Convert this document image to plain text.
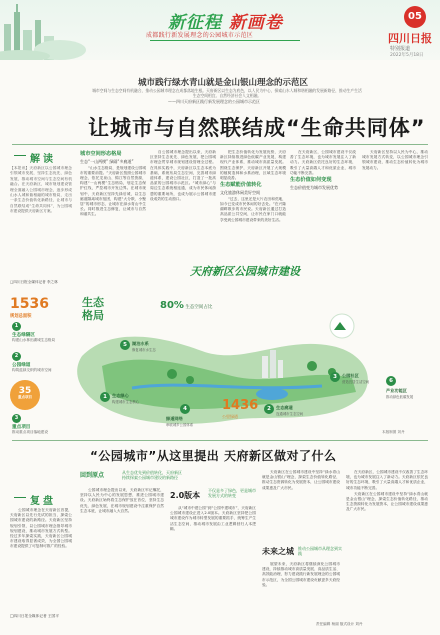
新征程 新画卷
成都践行新发展理念的公园城市示范区
05
四川日报
特别报道
2022年5月18日
城市践行绿水青山就是金山银山理念的示范区
城市空间与生态空间有机融合，推动公园城市理念在成都落地生根。天府新区以生态为底色，以人民为中心，探索山水人城和谐相融的发展新路径，推动生产生活生态空间相宜、自然经济社会人文相融。
——四川天府新区践行新发展理念的公园城市示范区
让城市与自然联结成“生命共同体”
解读
【本报讯】天府新区以公园城市理念引领城市发展，坚持生态优先、绿色发展，推动城市空间与生态空间有机融合。在天府新区，城市规划建设管理全面融入公园城市理念，逐步形成山水人城和谐相融的城市格局，走出一条生态价值转化新路径，让城市与自然联结成“生命共同体”，为公园城市建设提供天府新区方案。
□四川日报全媒体记者 李之林
1536
规划总面积
1
生态绿隔区
构建山水林田湖城生态格局
2
公园绿道
构筑蓝绿交织的城市空间
35
重点项目
3
重点项目
推动重点项目落地建设
城市空间形态格局
生态“一山两楔” 绿隔“多廊道”

“山水生态格局，是规划建设公园城市的重要前提。”天府新区按照公园城市理念，依托龙泉山、锦江等自然资源，构建“一山两楔”生态格局，划定生态保护红线，严控城市开发边界。在城市规划中，天府新区坚持先绿后城，以生态廊道隔离城市组团，构建“大分散、小聚居”的城市形态，让城市在绿水青山中生长。同时推进生态修复，让城市与自然和谐共生。

自公园城市理念提出以来，天府新区坚持生态优先、绿色发展，把公园城市理念贯穿城市规划建设管理全过程。在具体实践中，天府新区以生态本底为基础，系统布局生态空间，完善城市绿道体系，建设公园社区，打造了一批高品质的公园城市示范区。“城市绿心”与周边生态系统相连通，成为市民休闲游憩的重要场所，也成为展示公园城市建设成效的生动窗口。

把生态价值转化为发展优势，天府新区持续推进绿色低碳产业发展，构建现代产业体系，推动城市高质量发展。围绕生态保护，天府新区开展了大规模的植树造林和水系治理，区域生态环境明显改善。

生态赋能价值转化
文化旅游休闲美好空间

“过去，这里还是大片农田和荒地，如今已变成市民休闲的好去处。”在兴隆湖畔散步的市民说。天府新区通过打造高品质公共空间，让市民在家门口就能享受到公园城市建设带来的美好生活。

在天府新区，公园城市建设不仅改善了生态环境，也为城市发展注入了新动力。天府新区依托良好的生态环境，吸引了大量高端人才和优质企业，城市功能不断完善。

生态价值如何变现
生态价值变为城市发展优势

天府新区坚持以人民为中心，推动城市发展方式转变，以公园城市理念引领城市建设，推动生态价值转化为城市发展动力。

天府新区公园城市建设
生态格局
80% 生态空间占比
1436
公里绿道
1	生态绿心
构建城市生态核心
2	生态廊道
连通城市生态空间
3	公园社区
营造宜居生活空间
4
绿道网络
串联城乡公园体系
5	湖泊水系
修复城市水生态
6
产业功能区
推动绿色低碳发展
本版制图 刘丹
“公园城市”从这里提出 天府新区做对了什么
复盘

公园城市理念在天府新区首提，天府新区以先行先试的担当，探索公园城市建设的新路径。天府新区坚持规划引领，以公园城市理念指导城市规划建设，推动城市发展方式转型。经过多年探索实践，天府新区公园城市建设取得显著成效，为全国公园城市建设提供了可复制可推广的经验。

□四川日报全媒体记者 王国平
回到原点	从生态优先到价值转化，天府新区持续探索公园城市建设的新路径

公园城市理念提出以来，天府新区牢记嘱托，坚持以人民为中心的发展思想，推进公园城市建设。天府新区始终将生态保护放在首位，坚持生态优先、绿色发展，在城市规划建设中注重保护自然生态本底，让城市融入大自然。

2.0版本
不仅是多了绿色，更是城市发展方式的转变

从“城市中建公园”到“公园中建城市”，天府新区公园城市建设正进入2.0版本。天府新区坚持把公园城市建设作为城市转型发展的重要抓手，统筹生产生活生态空间，推动城市发展由工业逻辑回归人本逻辑。

天府新区在公园城市建设中坚持“绿水青山就是金山银山”理念，探索生态价值转化路径，推动生态资源转化为发展资本，让公园城市建设成果惠及广大市民。

未来之城 推动公园城市从理念到实践

展望未来，天府新区将继续深化公园城市建设，持续推动城市高质量发展、高品质生活、高效能治理，努力建设践行新发展理念的公园城市示范区，为全国公园城市建设贡献更多天府经验。

在天府新区，公园城市建设不仅改善了生态环境，也为城市发展注入了新动力。天府新区依托良好的生态环境，吸引了大量高端人才和优质企业，城市功能不断完善。

天府新区在公园城市建设中坚持“绿水青山就是金山银山”理念，探索生态价值转化路径，推动生态资源转化为发展资本，让公园城市建设成果惠及广大市民。

责任编辑 杨丽 版式设计 刘丹
